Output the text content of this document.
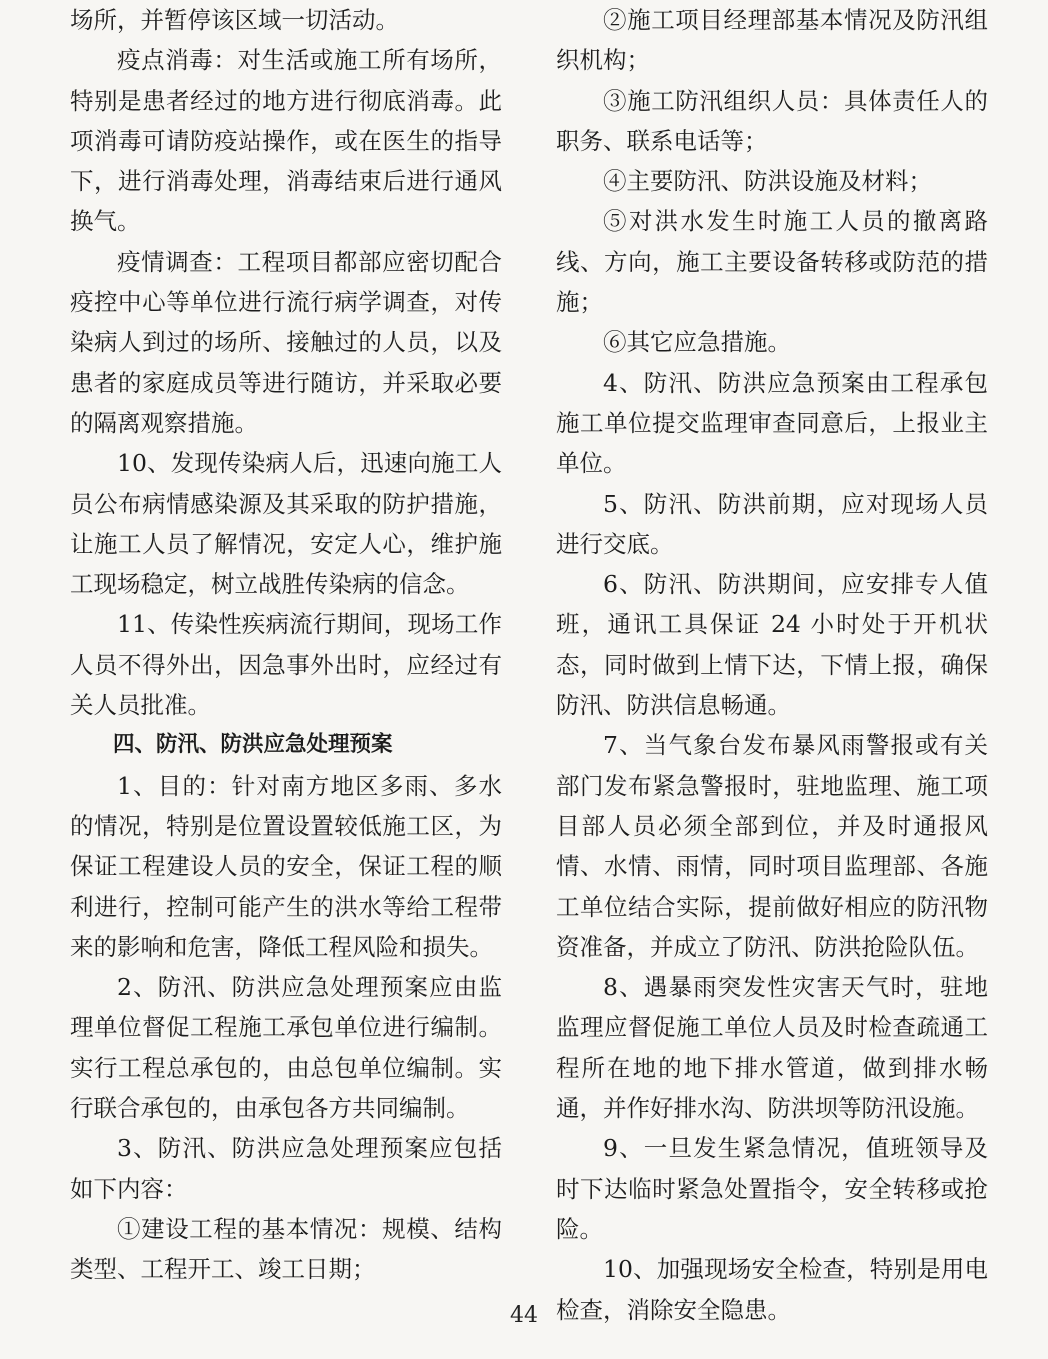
场所，并暂停该区域一切活动。

疫点消毒：对生活或施工所有场所，特别是患者经过的地方进行彻底消毒。此项消毒可请防疫站操作，或在医生的指导下，进行消毒处理，消毒结束后进行通风换气。

疫情调查：工程项目都部应密切配合疫控中心等单位进行流行病学调查，对传染病人到过的场所、接触过的人员，以及患者的家庭成员等进行随访，并采取必要的隔离观察措施。

10、发现传染病人后，迅速向施工人员公布病情感染源及其采取的防护措施，让施工人员了解情况，安定人心，维护施工现场稳定，树立战胜传染病的信念。

11、传染性疾病流行期间，现场工作人员不得外出，因急事外出时，应经过有关人员批准。

四、防汛、防洪应急处理预案

1、目的：针对南方地区多雨、多水的情况，特别是位置设置较低施工区，为保证工程建设人员的安全，保证工程的顺利进行，控制可能产生的洪水等给工程带来的影响和危害，降低工程风险和损失。

2、防汛、防洪应急处理预案应由监理单位督促工程施工承包单位进行编制。实行工程总承包的，由总包单位编制。实行联合承包的，由承包各方共同编制。

3、防汛、防洪应急处理预案应包括如下内容：

①建设工程的基本情况：规模、结构类型、工程开工、竣工日期；

②施工项目经理部基本情况及防汛组织机构；

③施工防汛组织人员：具体责任人的职务、联系电话等；

④主要防汛、防洪设施及材料；

⑤对洪水发生时施工人员的撤离路线、方向，施工主要设备转移或防范的措施；

⑥其它应急措施。

4、防汛、防洪应急预案由工程承包施工单位提交监理审查同意后，上报业主单位。

5、防汛、防洪前期，应对现场人员进行交底。

6、防汛、防洪期间，应安排专人值班，通讯工具保证 24 小时处于开机状态，同时做到上情下达，下情上报，确保防汛、防洪信息畅通。

7、当气象台发布暴风雨警报或有关部门发布紧急警报时，驻地监理、施工项目部人员必须全部到位，并及时通报风情、水情、雨情，同时项目监理部、各施工单位结合实际，提前做好相应的防汛物资准备，并成立了防汛、防洪抢险队伍。

8、遇暴雨突发性灾害天气时，驻地监理应督促施工单位人员及时检查疏通工程所在地的地下排水管道，做到排水畅通，并作好排水沟、防洪坝等防汛设施。

9、一旦发生紧急情况，值班领导及时下达临时紧急处置指令，安全转移或抢险。

10、加强现场安全检查，特别是用电检查，消除安全隐患。

44
